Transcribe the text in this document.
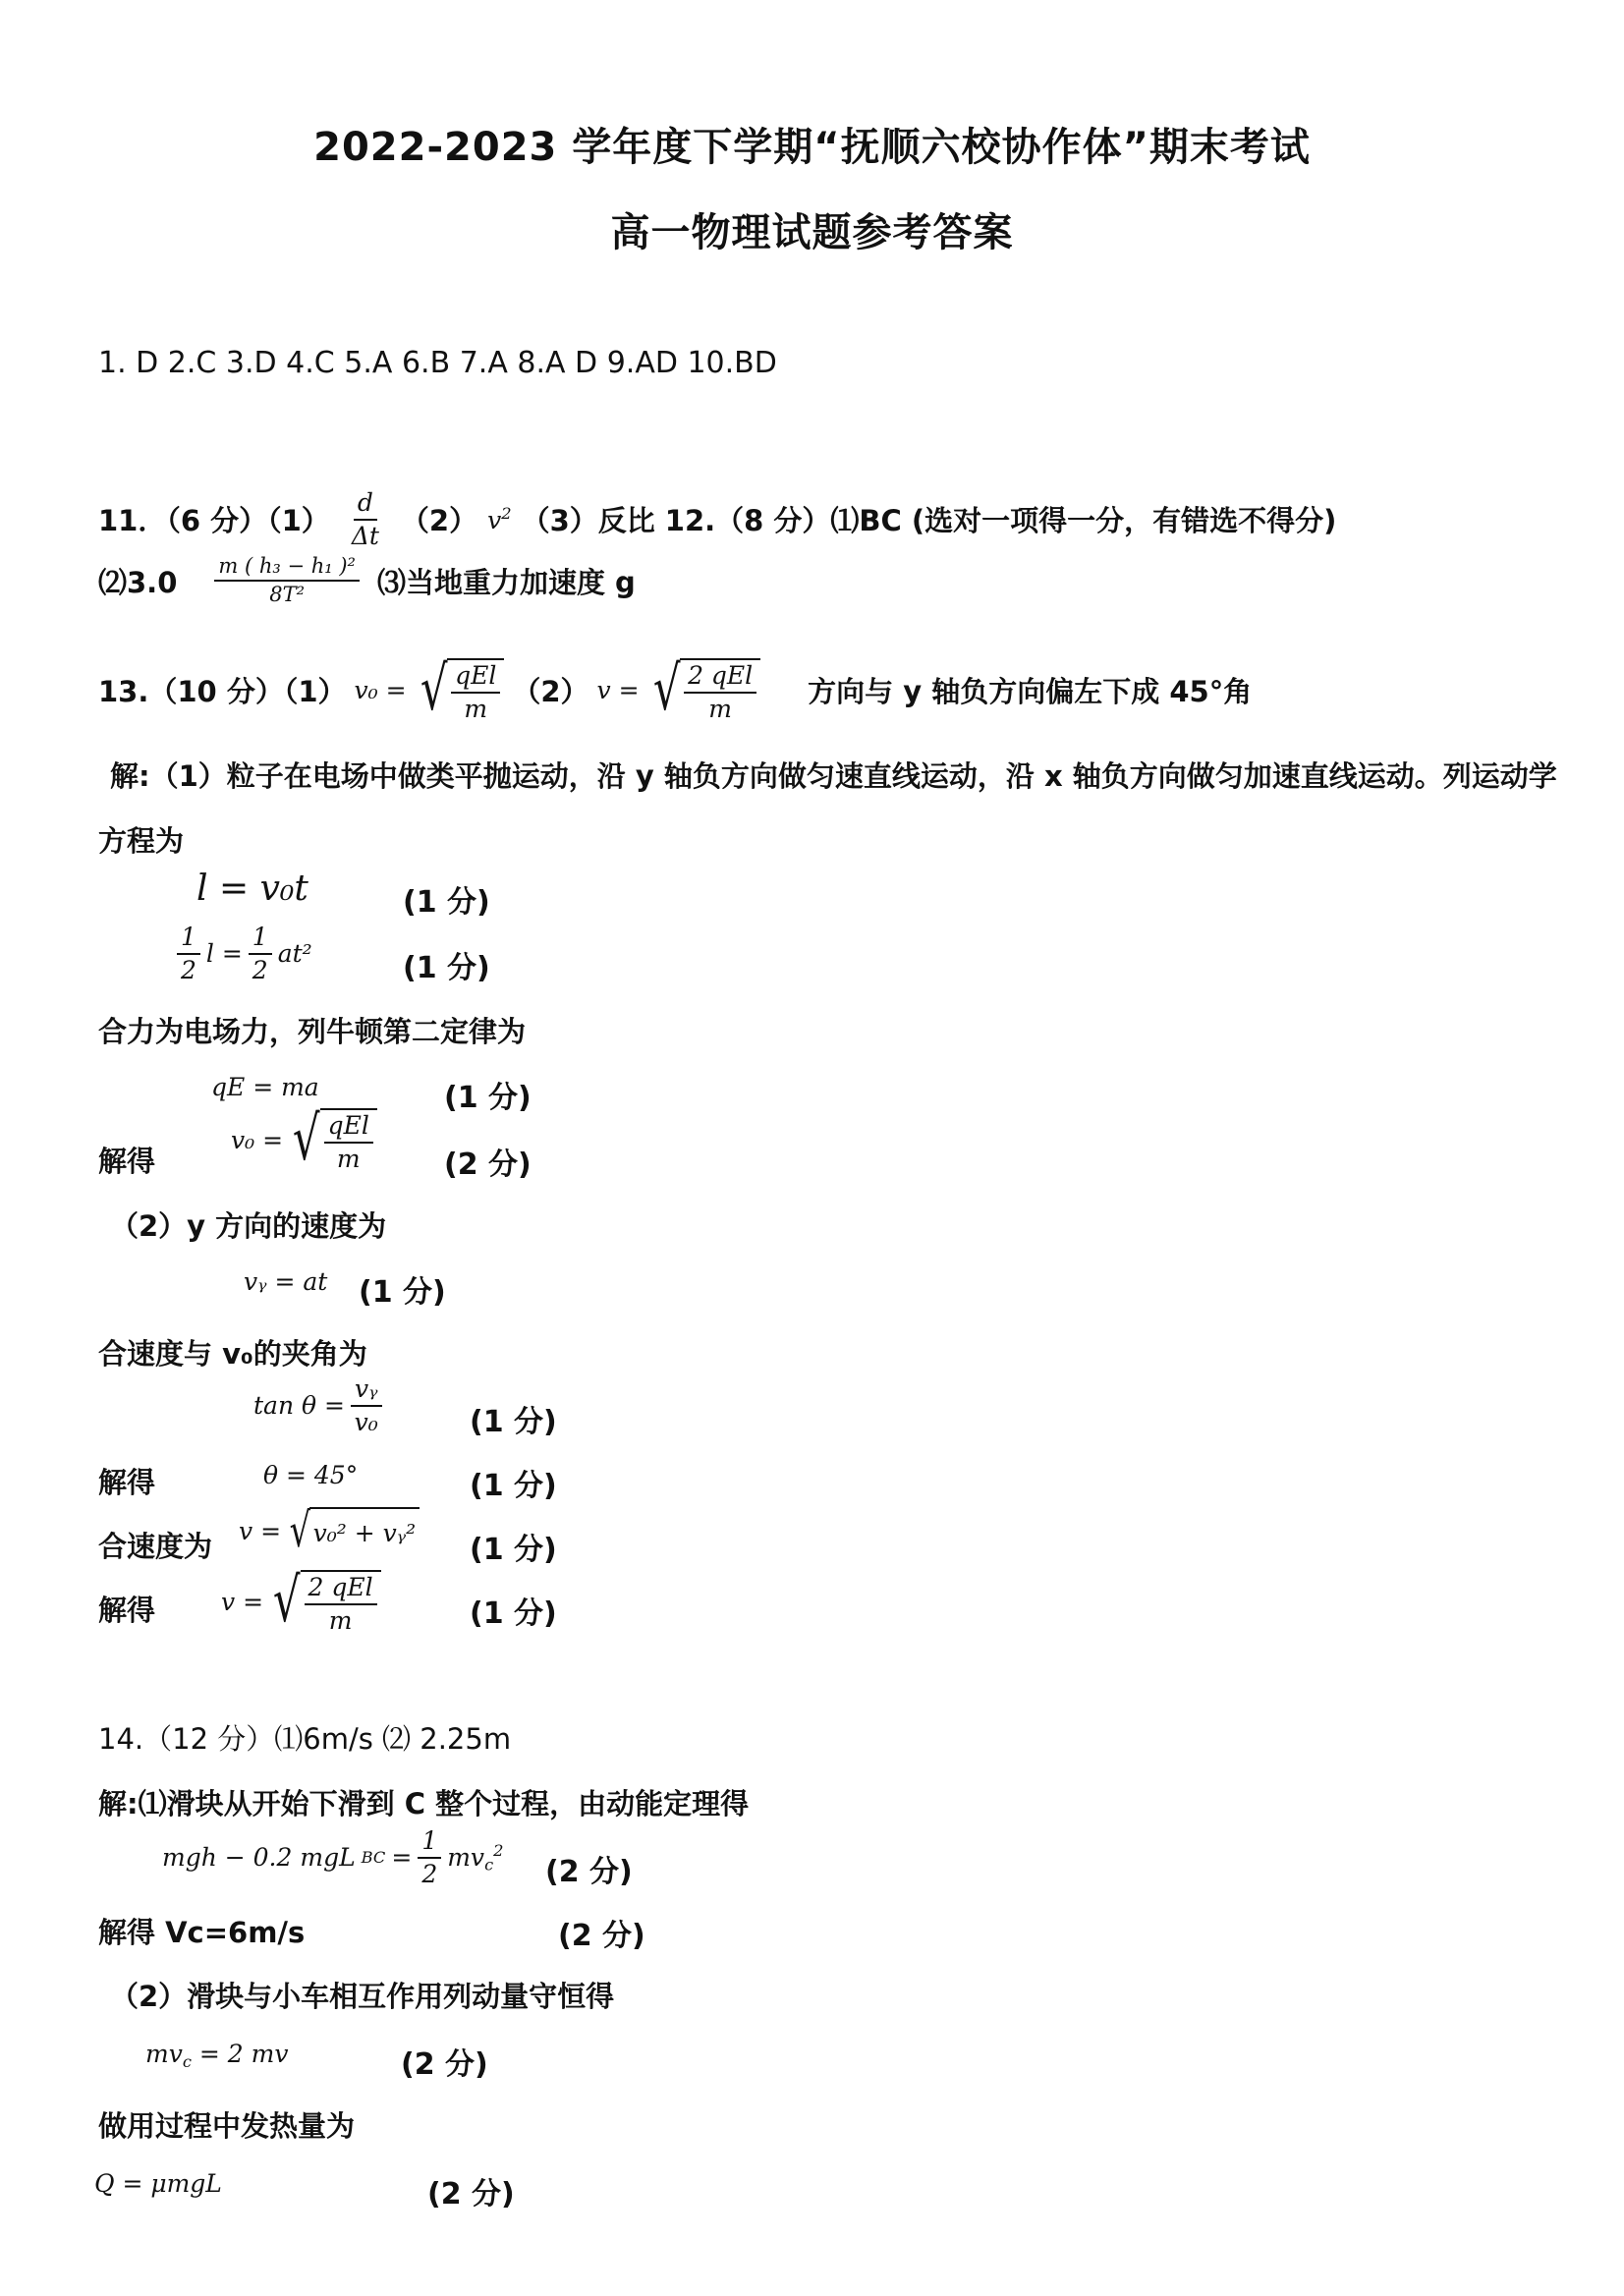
2022-2023 学年度下学期“抚顺六校协作体”期末考试
高一物理试题参考答案
1. D 2.C 3.D 4.C 5.A 6.B 7.A 8.A D 9.AD 10.BD
11．（6 分）$(1) \frac{d}{\Delta t} (2)$ $v^2$ （3）反比 12.（8 分）⑴BC (选对一项得一分，有错选不得分)
⑵3.0 $\frac{\text{m ( h₃ − h₁ )²}}{\text{8T²}}$ ⑶当地重力加速度 g
13.（10 分）（1） v₀ = √ $\frac{\text{qEl}}{m} (2) v$ = √ $\frac{\text{2 qEl}}{m}$ 方向与 y 轴负方向偏左下成 45°角
解:（1）粒子在电场中做类平抛运动，沿 y 轴负方向做匀速直线运动，沿 x 轴负方向做匀加速直线运动。列运动学
方程为
l = v₀t	(1 分)
$\frac{1}{2}$ $l = \frac{1}{2} at^2$	(1 分)
合力为电场力，列牛顿第二定律为
qE = ma	(1 分)
解得
v₀ = √ $\frac{\text{qEl}}{m} (2$ 分)
（2）y 方向的速度为
vᵧ = at (1 分)
合速度与 v₀的夹角为
$\tan \theta = \frac{\text{vᵧ}}{\text{v₀}}$	(1 分)
解得	θ = 45°	(1 分)
合速度为 v = √ v₀² + vᵧ² (1 分)
解得	v = √ $\frac{\text{2 qEl}}{m}$	(1 分)
14.（12 分）⑴6m/s ⑵ 2.25m
解:⑴滑块从开始下滑到 C 整个过程，由动能定理得
mgh − 0.2 mgL BC = $\frac{1}{2} mv_c^2$
(2 分)
解得 Vc=6m/s	(2 分)
（2）滑块与小车相互作用列动量守恒得
$mv_c = 2$ mv	(2 分)
做用过程中发热量为
Q = μmgL	(2 分)
